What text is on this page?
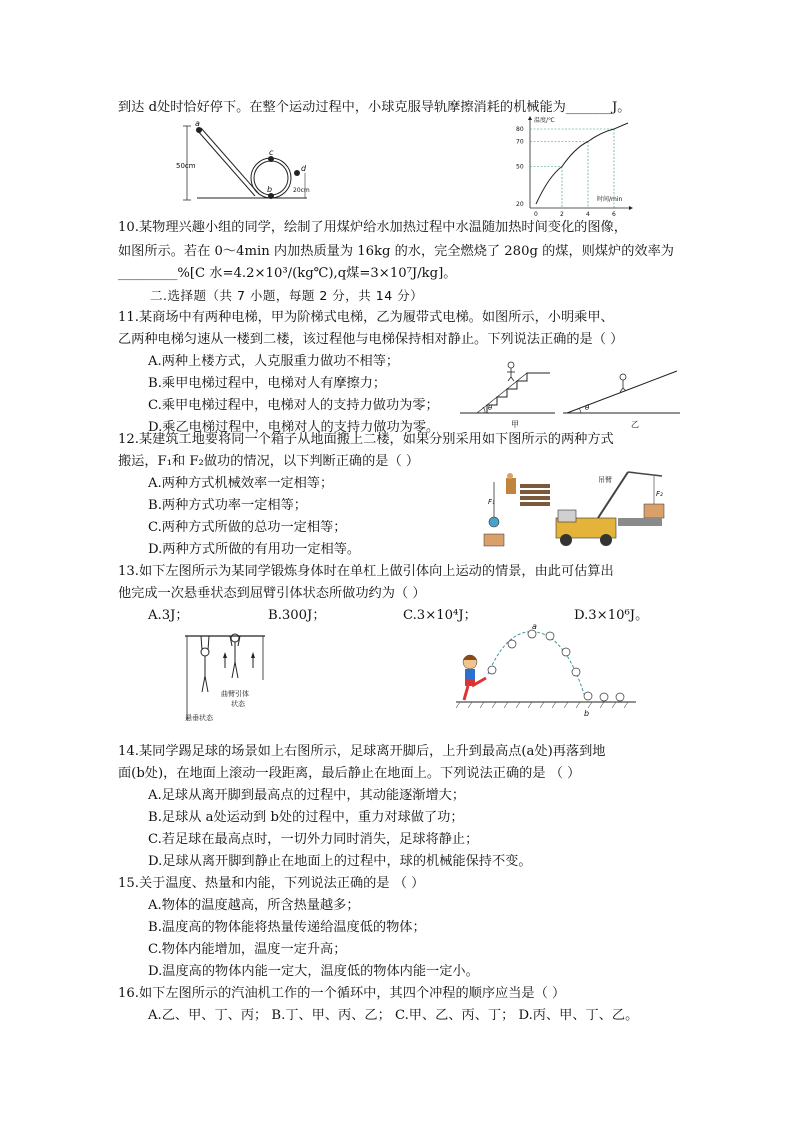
到达 d处时恰好停下。在整个运动过程中，小球克服导轨摩擦消耗的机械能为_______J。
50cm
a
c
b
d
20cm
温度/℃
时间/min
20
50
70
80
0	2	4	6
10.某物理兴趣小组的同学，绘制了用煤炉给水加热过程中水温随加热时间变化的图像，
如图所示。若在 0～4min 内加热质量为 16kg 的水，完全燃烧了 280g 的煤，则煤炉的效率为
_________%[C 水=4.2×10³/(kg℃),q煤=3×10⁷J/kg]。
二.选择题（共 7 小题，每题 2 分，共 14 分）
11.某商场中有两种电梯，甲为阶梯式电梯，乙为履带式电梯。如图所示，小明乘甲、
乙两种电梯匀速从一楼到二楼，该过程他与电梯保持相对静止。下列说法正确的是（ ）
A.两种上楼方式，人克服重力做功不相等；
B.乘甲电梯过程中，电梯对人有摩擦力；
C.乘甲电梯过程中，电梯对人的支持力做功为零；
D.乘乙电梯过程中，电梯对人的支持力做功为零。
θ
甲
θ
乙
12.某建筑工地要将同一个箱子从地面搬上二楼，如果分别采用如下图所示的两种方式
搬运，F₁和 F₂做功的情况，以下判断正确的是（ ）
A.两种方式机械效率一定相等；
B.两种方式功率一定相等；
C.两种方式所做的总功一定相等；
D.两种方式所做的有用功一定相等。
F₁
吊臂
F₂
13.如下左图所示为某同学锻炼身体时在单杠上做引体向上运动的情景，由此可估算出
他完成一次悬垂状态到屈臂引体状态所做功约为（ ）
A.3J；	B.300J；	C.3×10⁴J；	D.3×10⁶J。
曲臂引体
状态
悬垂状态
a
b
14.某同学踢足球的场景如上右图所示，足球离开脚后，上升到最高点(a处)再落到地
面(b处)，在地面上滚动一段距离，最后静止在地面上。下列说法正确的是 （ ）
A.足球从离开脚到最高点的过程中，其动能逐渐增大；
B.足球从 a处运动到 b处的过程中，重力对球做了功；
C.若足球在最高点时，一切外力同时消失，足球将静止；
D.足球从离开脚到静止在地面上的过程中，球的机械能保持不变。
15.关于温度、热量和内能，下列说法正确的是 （ ）
A.物体的温度越高，所含热量越多；
B.温度高的物体能将热量传递给温度低的物体；
C.物体内能增加，温度一定升高；
D.温度高的物体内能一定大，温度低的物体内能一定小。
16.如下左图所示的汽油机工作的一个循环中，其四个冲程的顺序应当是（ ）
A.乙、甲、丁、丙； B.丁、甲、丙、乙； C.甲、乙、丙、丁； D.丙、甲、丁、乙。
